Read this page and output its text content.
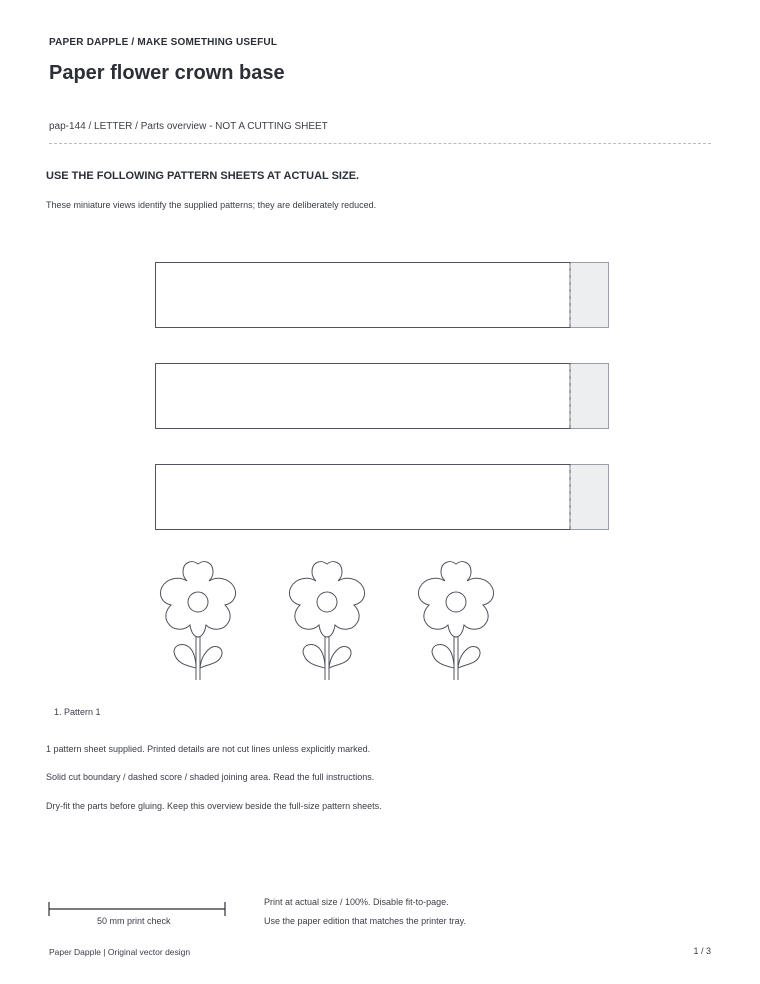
PAPER DAPPLE / MAKE SOMETHING USEFUL
Paper flower crown base
pap-144 / LETTER / Parts overview - NOT A CUTTING SHEET
USE THE FOLLOWING PATTERN SHEETS AT ACTUAL SIZE.
These miniature views identify the supplied patterns; they are deliberately reduced.
1. Pattern 1
1 pattern sheet supplied. Printed details are not cut lines unless explicitly marked.
Solid cut boundary / dashed score / shaded joining area. Read the full instructions.
Dry-fit the parts before gluing. Keep this overview beside the full-size pattern sheets.
50 mm print check
Print at actual size / 100%. Disable fit-to-page.
Use the paper edition that matches the printer tray.
Paper Dapple | Original vector design	1 / 3
